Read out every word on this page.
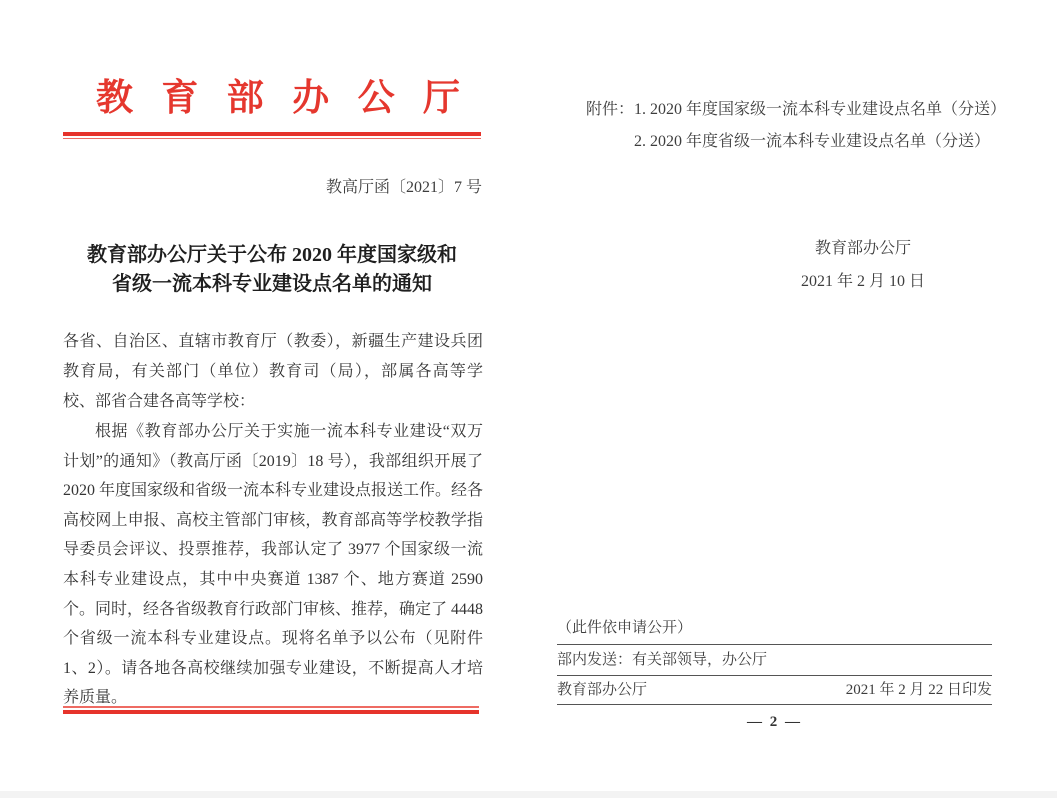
教育部办公厅
教高厅函〔2021〕7 号
教育部办公厅关于公布 2020 年度国家级和
省级一流本科专业建设点名单的通知
各省、自治区、直辖市教育厅（教委），新疆生产建设兵团教育局，有关部门（单位）教育司（局），部属各高等学校、部省合建各高等学校：
根据《教育部办公厅关于实施一流本科专业建设“双万计划”的通知》（教高厅函〔2019〕18 号），我部组织开展了 2020 年度国家级和省级一流本科专业建设点报送工作。经各高校网上申报、高校主管部门审核，教育部高等学校教学指导委员会评议、投票推荐，我部认定了 3977 个国家级一流本科专业建设点，其中中央赛道 1387 个、地方赛道 2590 个。同时，经各省级教育行政部门审核、推荐，确定了 4448 个省级一流本科专业建设点。现将名单予以公布（见附件 1、2）。请各地各高校继续加强专业建设，不断提高人才培养质量。
附件： 1. 2020 年度国家级一流本科专业建设点名单（分送）
2. 2020 年度省级一流本科专业建设点名单（分送）
教育部办公厅
2021 年 2 月 10 日
（此件依申请公开）
部内发送：有关部领导，办公厅
教育部办公厅	2021 年 2 月 22 日印发
— 2 —
